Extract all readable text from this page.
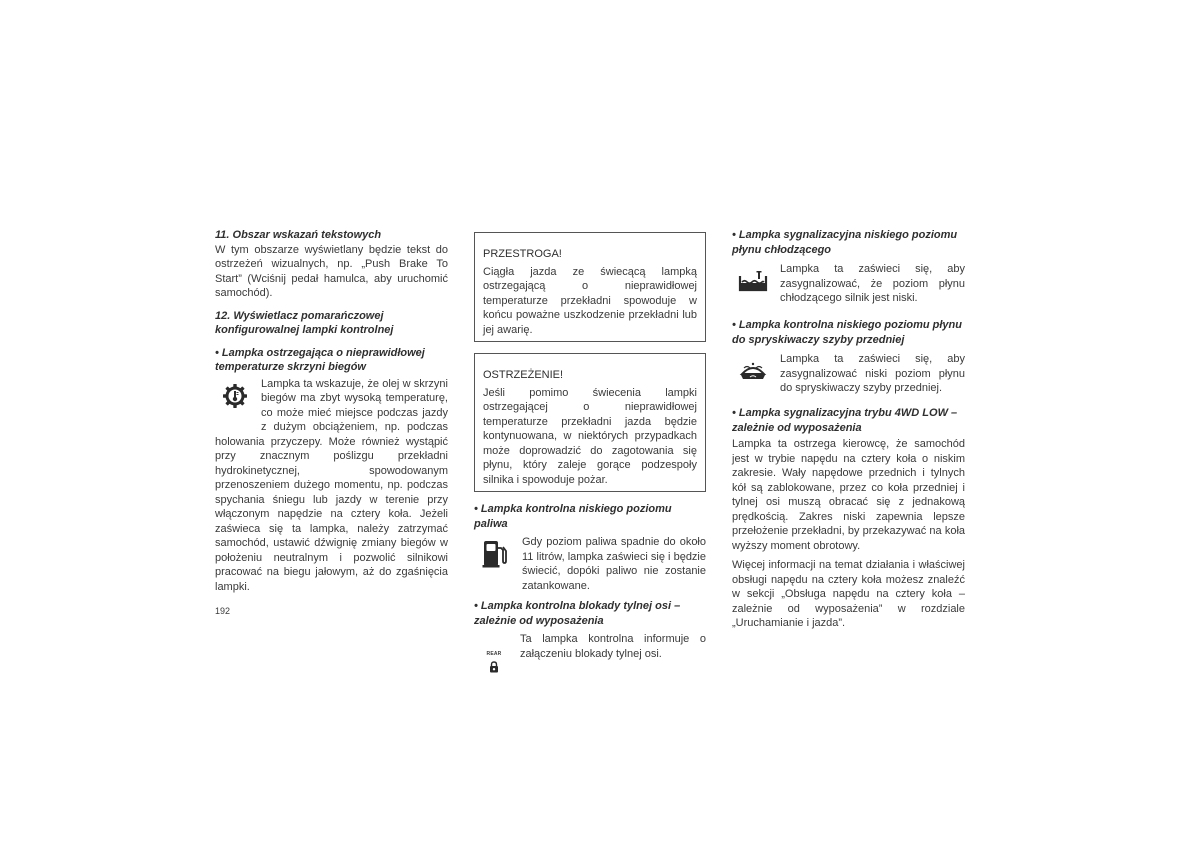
11. Obszar wskazań tekstowych

W tym obszarze wyświetlany będzie tekst do ostrzeżeń wizualnych, np. „Push Brake To Start” (Wciśnij pedał hamulca, aby uruchomić samochód).

12. Wyświetlacz pomarańczowej

konfigurowalnej lampki kontrolnej

• Lampka ostrzegająca o nieprawidłowej

temperaturze skrzyni biegów

Lampka ta wskazuje, że olej w skrzyni biegów ma zbyt wysoką temperaturę, co może mieć miejsce podczas jazdy z dużym obciążeniem, np. podczas holowania przyczepy. Może również wystąpić przy znacznym poślizgu przekładni hydrokinetycznej, spowodowanym przenoszeniem dużego momentu, np. podczas spychania śniegu lub jazdy w terenie przy włączonym napędzie na cztery koła. Jeżeli zaświeca się ta lampka, należy zatrzymać samochód, ustawić dźwignię zmiany biegów w położeniu neutralnym i pozwolić silnikowi pracować na biegu jałowym, aż do zgaśnięcia lampki.

PRZESTROGA!

Ciągła jazda ze świecącą lampką ostrzegającą o nieprawidłowej temperaturze przekładni spowoduje w końcu poważne uszkodzenie przekładni lub jej awarię.

OSTRZEŻENIE!

Jeśli pomimo świecenia lampki ostrzegającej o nieprawidłowej temperaturze przekładni jazda będzie kontynuowana, w niektórych przypadkach może doprowadzić do zagotowania się płynu, który zaleje gorące podzespoły silnika i spowoduje pożar.

• Lampka kontrolna niskiego poziomu paliwa

Gdy poziom paliwa spadnie do około 11 litrów, lampka zaświeci się i będzie świecić, dopóki paliwo nie zostanie zatankowane.

• Lampka kontrolna blokady tylnej osi –

zależnie od wyposażenia

REAR

Ta lampka kontrolna informuje o załączeniu blokady tylnej osi.

• Lampka sygnalizacyjna niskiego poziomu

płynu chłodzącego

Lampka ta zaświeci się, aby zasygnalizować, że poziom płynu chłodzącego silnik jest niski.

• Lampka kontrolna niskiego poziomu płynu

do spryskiwaczy szyby przedniej

Lampka ta zaświeci się, aby zasygnalizować niski poziom płynu do spryskiwaczy szyby przedniej.

• Lampka sygnalizacyjna trybu 4WD LOW –

zależnie od wyposażenia

Lampka ta ostrzega kierowcę, że samochód jest w trybie napędu na cztery koła o niskim zakresie. Wały napędowe przednich i tylnych kół są zablokowane, przez co koła przedniej i tylnej osi muszą obracać się z jednakową prędkością. Zakres niski zapewnia lepsze przełożenie przekładni, by przekazywać na koła wyższy moment obrotowy.

Więcej informacji na temat działania i właściwej obsługi napędu na cztery koła możesz znaleźć w sekcji „Obsługa napędu na cztery koła – zależnie od wyposażenia” w rozdziale „Uruchamianie i jazda”.

192
